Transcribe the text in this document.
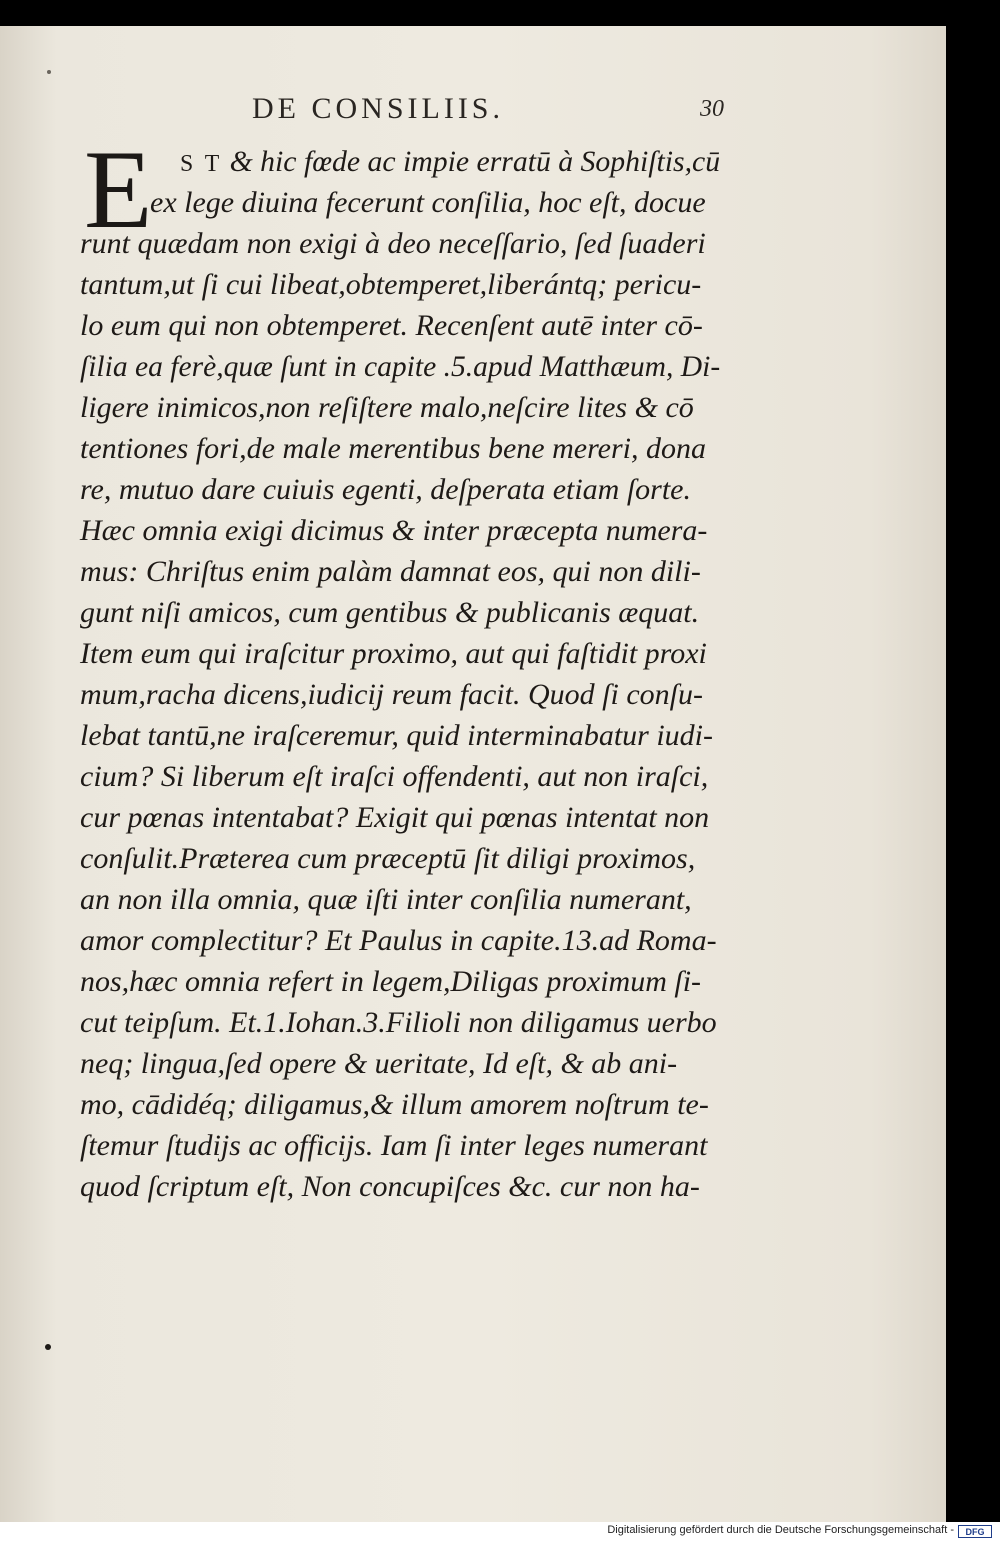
DE CONSILIIS.	30
E S T & hic fœde ac impie erratū à Sophiſtis,cū
ex lege diuina fecerunt conſilia, hoc eſt, docue
runt quædam non exigi à deo neceſſario, ſed ſuaderi
tantum,ut ſi cui libeat,obtemperet,liberántq; pericu-
lo eum qui non obtemperet. Recenſent autē inter cō-
ſilia ea ferè,quæ ſunt in capite .5.apud Matthæum, Di-
ligere inimicos,non reſiſtere malo,neſcire lites & cō
tentiones fori,de male merentibus bene mereri, dona
re, mutuo dare cuiuis egenti, deſperata etiam ſorte.
Hæc omnia exigi dicimus & inter præcepta numera-
mus: Chriſtus enim palàm damnat eos, qui non dili-
gunt niſi amicos, cum gentibus & publicanis æquat.
Item eum qui iraſcitur proximo, aut qui faſtidit proxi
mum,racha dicens,iudicij reum facit. Quod ſi conſu-
lebat tantū,ne iraſceremur, quid interminabatur iudi-
cium? Si liberum eſt iraſci offendenti, aut non iraſci,
cur pœnas intentabat? Exigit qui pœnas intentat non
conſulit.Præterea cum præceptū ſit diligi proximos,
an non illa omnia, quæ iſti inter conſilia numerant,
amor complectitur? Et Paulus in capite.13.ad Roma-
nos,hæc omnia refert in legem,Diligas proximum ſi-
cut teipſum. Et.1.Iohan.3.Filioli non diligamus uerbo
neq; lingua,ſed opere & ueritate, Id eſt, & ab ani-
mo, cādidéq; diligamus,& illum amorem noſtrum te-
ſtemur ſtudijs ac officijs. Iam ſi inter leges numerant
quod ſcriptum eſt, Non concupiſces &c. cur non ha-
Digitalisierung gefördert durch die Deutsche Forschungsgemeinschaft -	DFG
